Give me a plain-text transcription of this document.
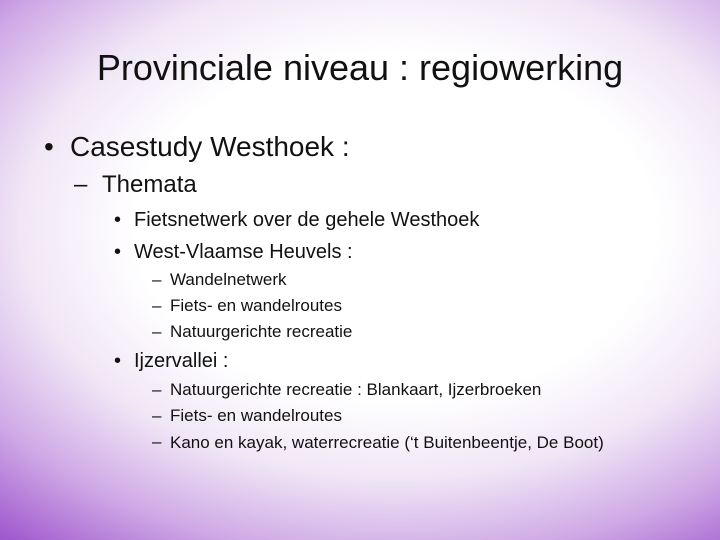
Provinciale niveau : regiowerking
• Casestudy Westhoek :
– Themata
• Fietsnetwerk over de gehele Westhoek
• West-Vlaamse Heuvels :
– Wandelnetwerk
– Fiets- en wandelroutes
– Natuurgerichte recreatie
• Ijzervallei :
– Natuurgerichte recreatie : Blankaart, Ijzerbroeken
– Fiets- en wandelroutes
– Kano en kayak, waterrecreatie (‘t Buitenbeentje, De Boot)
